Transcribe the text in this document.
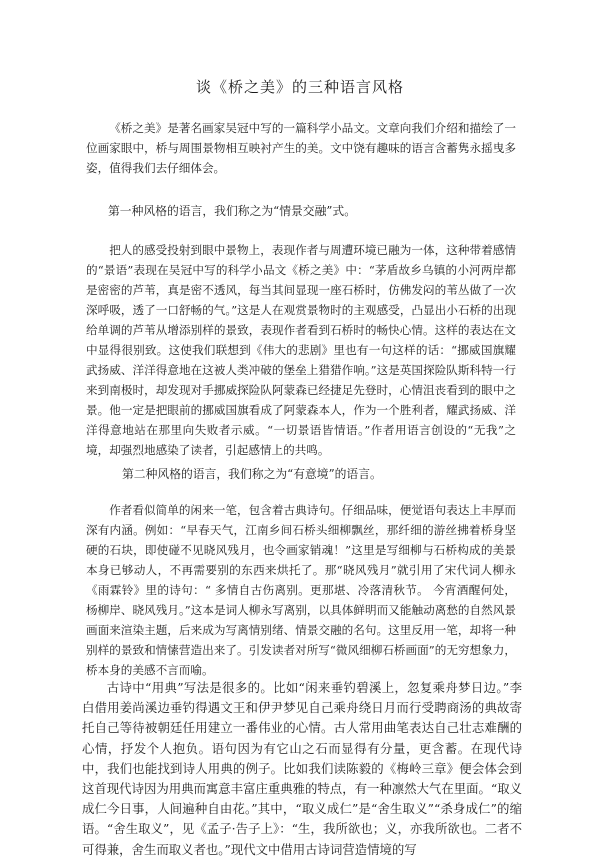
谈《桥之美》的三种语言风格

《桥之美》是著名画家吴冠中写的一篇科学小品文。文章向我们介绍和描绘了一位画家眼中，桥与周围景物相互映衬产生的美。文中饶有趣味的语言含蓄隽永摇曳多姿，值得我们去仔细体会。

第一种风格的语言，我们称之为“情景交融”式。

把人的感受投射到眼中景物上，表现作者与周遭环境已融为一体，这种带着感情的“景语”表现在吴冠中写的科学小品文《桥之美》中：“茅盾故乡乌镇的小河两岸都是密密的芦苇，真是密不透风，每当其间显现一座石桥时，仿佛发闷的苇丛做了一次深呼吸，透了一口舒畅的气。”这是人在观赏景物时的主观感受，凸显出小石桥的出现给单调的芦苇从增添别样的景致，表现作者看到石桥时的畅快心情。这样的表达在文中显得很别致。这使我们联想到《伟大的悲剧》里也有一句这样的话：“挪威国旗耀武扬威、洋洋得意地在这被人类冲破的堡垒上猎猎作响。”这是英国探险队斯科特一行来到南极时，却发现对手挪威探险队阿蒙森已经捷足先登时，心情沮丧看到的眼中之景。他一定是把眼前的挪威国旗看成了阿蒙森本人，作为一个胜利者，耀武扬威、洋洋得意地站在那里向失败者示威。“一切景语皆情语。”作者用语言创设的“无我”之境，却强烈地感染了读者，引起感情上的共鸣。

第二种风格的语言，我们称之为“有意境”的语言。

作者看似简单的闲来一笔，包含着古典诗句。仔细品味，便觉语句表达上丰厚而深有内涵。例如：“早春天气，江南乡间石桥头细柳飘丝，那纤细的游丝拂着桥身坚硬的石块，即使碰不见晓风残月，也令画家销魂！”这里是写细柳与石桥构成的美景本身已够动人，不再需要别的东西来烘托了。那“晓风残月”就引用了宋代词人柳永《雨霖铃》里的诗句：“ 多情自古伤离别。更那堪、冷落清秋节。 今宵酒醒何处，杨柳岸、晓风残月。”这本是词人柳永写离别，以具体鲜明而又能触动离愁的自然风景画面来渲染主题，后来成为写离情别绪、情景交融的名句。这里反用一笔，却将一种别样的景致和情愫营造出来了。引发读者对所写“微风细柳石桥画面”的无穷想象力，桥本身的美感不言而喻。

古诗中“用典”写法是很多的。比如“闲来垂钓碧溪上，忽复乘舟梦日边。”李白借用姜尚溪边垂钓得遇文王和伊尹梦见自己乘舟绕日月而行受聘商汤的典故寄托自己等待被朝廷任用建立一番伟业的心情。古人常用曲笔表达自己壮志难酬的心情，抒发个人抱负。语句因为有它山之石而显得有分量，更含蓄。在现代诗中，我们也能找到诗人用典的例子。比如我们读陈毅的《梅岭三章》便会体会到这首现代诗因为用典而寓意丰富庄重典雅的特点，有一种凛然大气在里面。“取义成仁今日事，人间遍种自由花。”其中，“取义成仁”是“舍生取义”“杀身成仁”的缩语。“舍生取义”，见《孟子·告子上》：“生，我所欲也；义，亦我所欲也。二者不可得兼，舍生而取义者也。”现代文中借用古诗词营造情境的写
